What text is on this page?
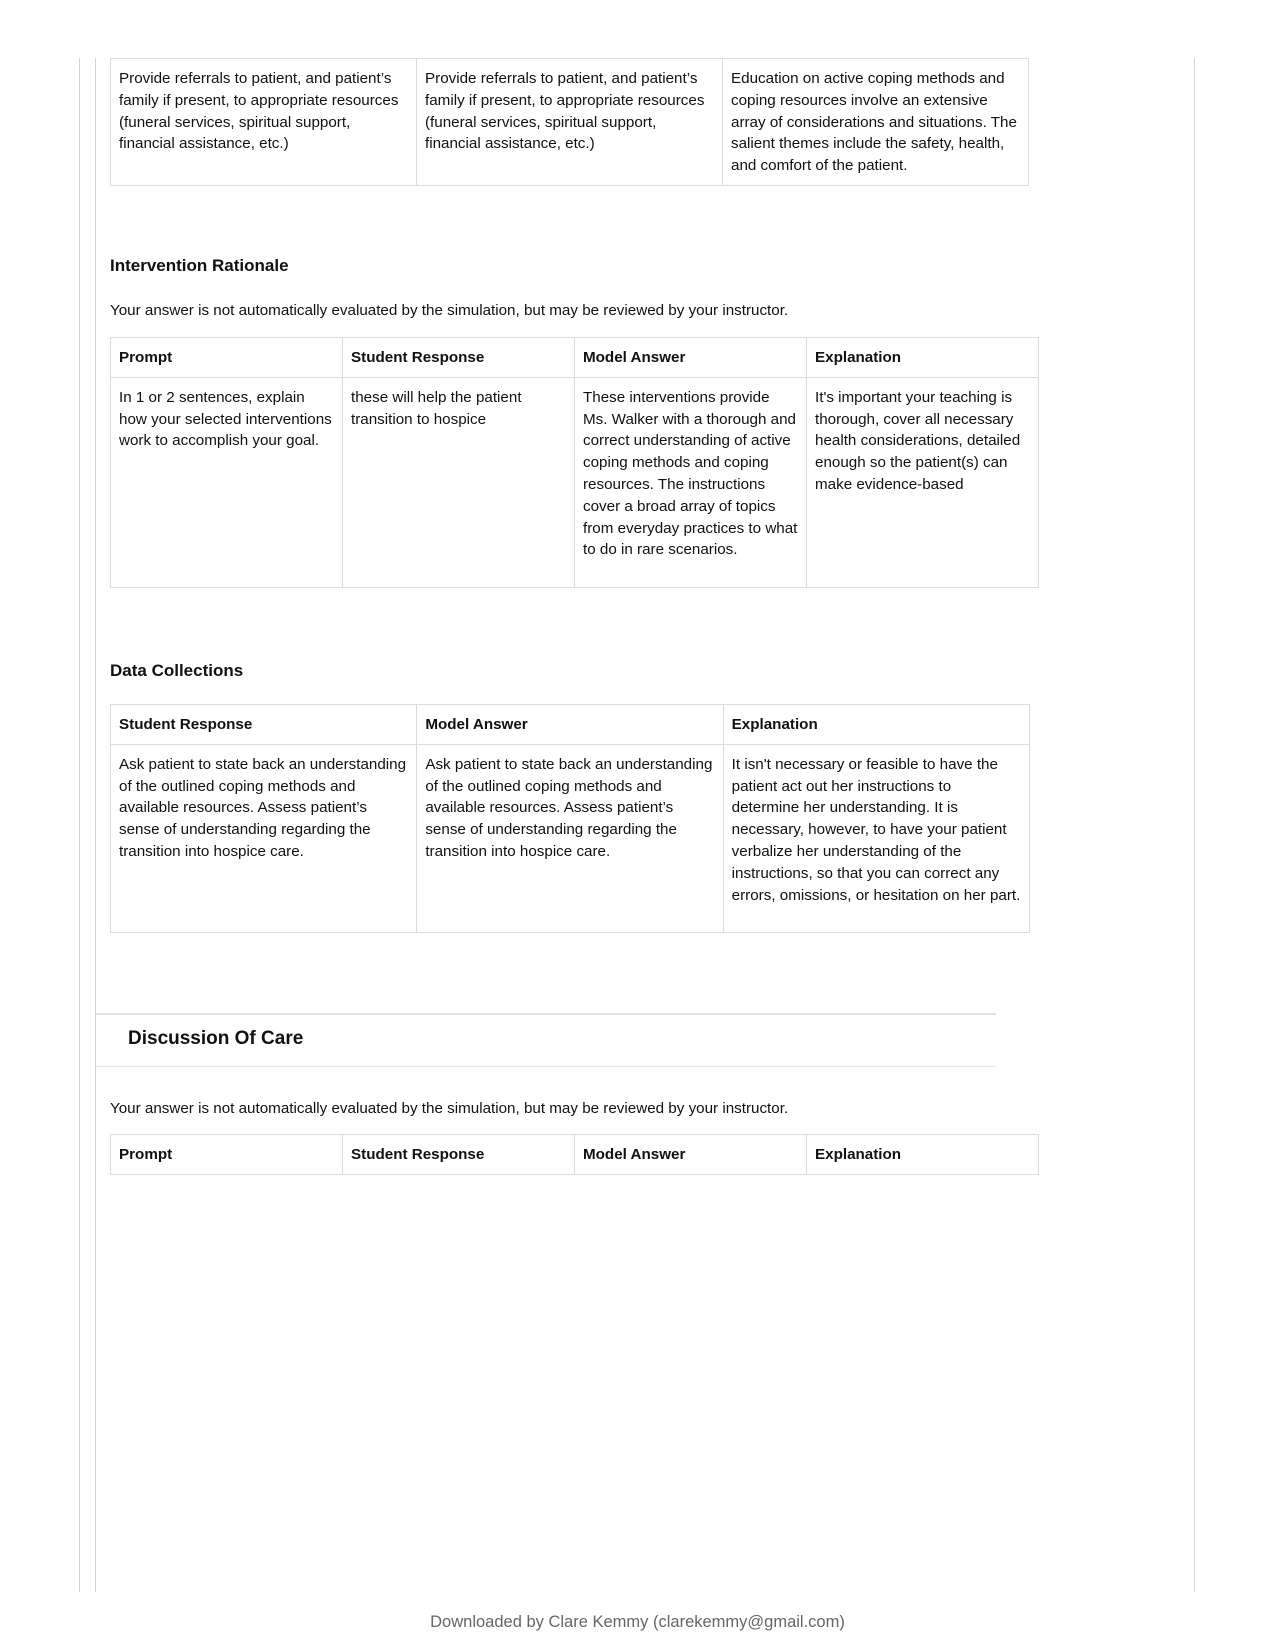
Provide referrals to patient, and patient’s family if present, to appropriate resources (funeral services, spiritual support, financial assistance, etc.)	Provide referrals to patient, and patient’s family if present, to appropriate resources (funeral services, spiritual support, financial assistance, etc.)	Education on active coping methods and coping resources involve an extensive array of considerations and situations. The salient themes include the safety, health, and comfort of the patient.
Intervention Rationale
Your answer is not automatically evaluated by the simulation, but may be reviewed by your instructor.
Prompt	Student Response	Model Answer	Explanation
In 1 or 2 sentences, explain how your selected interventions work to accomplish your goal.	these will help the patient transition to hospice	These interventions provide Ms. Walker with a thorough and correct understanding of active coping methods and coping resources. The instructions cover a broad array of topics from everyday practices to what to do in rare scenarios.	It's important your teaching is thorough, cover all necessary health considerations, detailed enough so the patient(s) can make evidence-based
Data Collections
Student Response	Model Answer	Explanation
Ask patient to state back an understanding of the outlined coping methods and available resources. Assess patient’s sense of understanding regarding the transition into hospice care.	Ask patient to state back an understanding of the outlined coping methods and available resources. Assess patient’s sense of understanding regarding the transition into hospice care.	It isn't necessary or feasible to have the patient act out her instructions to determine her understanding. It is necessary, however, to have your patient verbalize her understanding of the instructions, so that you can correct any errors, omissions, or hesitation on her part.
Discussion Of Care
Your answer is not automatically evaluated by the simulation, but may be reviewed by your instructor.
Prompt	Student Response	Model Answer	Explanation
Downloaded by Clare Kemmy (clarekemmy@gmail.com)
